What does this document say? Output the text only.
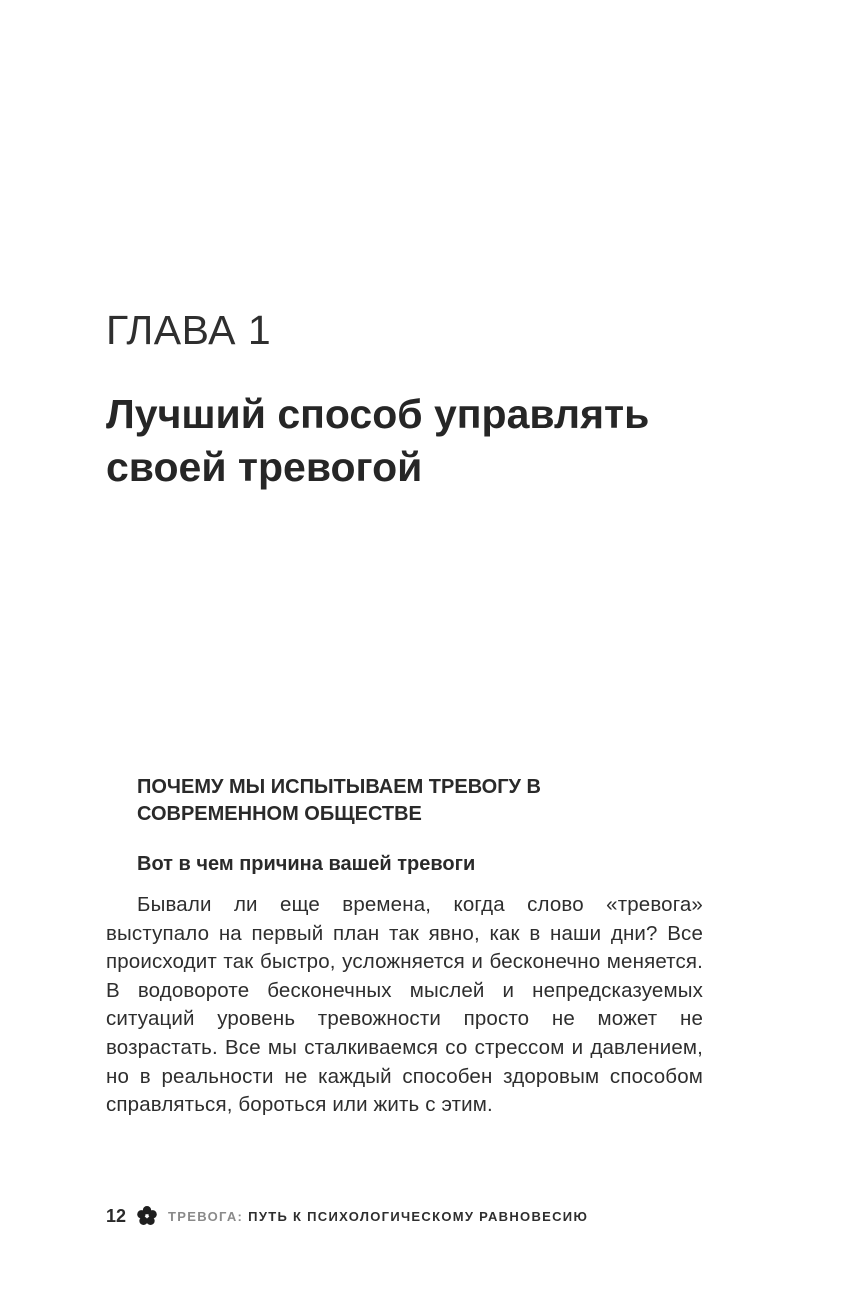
ГЛАВА 1
Лучший способ управлять своей тревогой
ПОЧЕМУ МЫ ИСПЫТЫВАЕМ ТРЕВОГУ В СОВРЕМЕННОМ ОБЩЕСТВЕ
Вот в чем причина вашей тревоги

Бывали ли еще времена, когда слово «тревога» выступало на первый план так явно, как в наши дни? Все происходит так быстро, усложняется и бесконечно меняется. В водовороте бесконечных мыслей и непредсказуемых ситуаций уровень тревожности просто не может не возрастать. Все мы сталкиваемся со стрессом и давлением, но в реальности не каждый способен здоровым способом справляться, бороться или жить с этим.

12	ТРЕВОГА: ПУТЬ К ПСИХОЛОГИЧЕСКОМУ РАВНОВЕСИЮ
